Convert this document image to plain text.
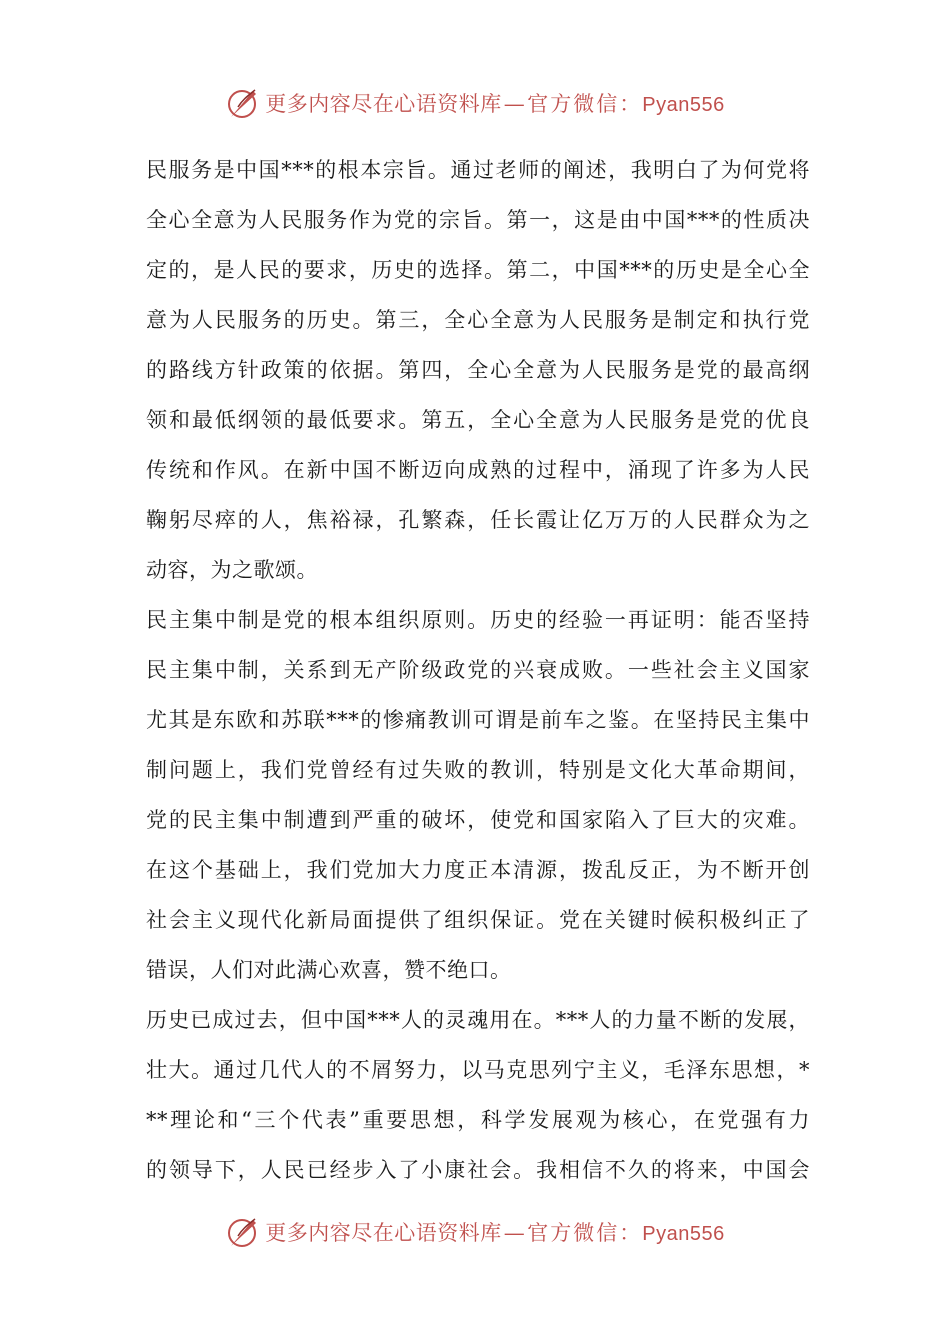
更多内容尽在心语资料库—官方微信：Pyan556
民服务是中国***的根本宗旨。通过老师的阐述，我明白了为何党将
全心全意为人民服务作为党的宗旨。第一，这是由中国***的性质决
定的，是人民的要求，历史的选择。第二，中国***的历史是全心全
意为人民服务的历史。第三，全心全意为人民服务是制定和执行党
的路线方针政策的依据。第四，全心全意为人民服务是党的最高纲
领和最低纲领的最低要求。第五，全心全意为人民服务是党的优良
传统和作风。在新中国不断迈向成熟的过程中，涌现了许多为人民
鞠躬尽瘁的人，焦裕禄，孔繁森，任长霞让亿万万的人民群众为之
动容，为之歌颂。
民主集中制是党的根本组织原则。历史的经验一再证明：能否坚持
民主集中制，关系到无产阶级政党的兴衰成败。一些社会主义国家
尤其是东欧和苏联***的惨痛教训可谓是前车之鉴。在坚持民主集中
制问题上，我们党曾经有过失败的教训，特别是文化大革命期间，
党的民主集中制遭到严重的破坏，使党和国家陷入了巨大的灾难。
在这个基础上，我们党加大力度正本清源，拨乱反正，为不断开创
社会主义现代化新局面提供了组织保证。党在关键时候积极纠正了
错误，人们对此满心欢喜，赞不绝口。
历史已成过去，但中国***人的灵魂用在。***人的力量不断的发展，
壮大。通过几代人的不屑努力，以马克思列宁主义，毛泽东思想，*
**理论和“三个代表”重要思想，科学发展观为核心，在党强有力
的领导下，人民已经步入了小康社会。我相信不久的将来，中国会
更多内容尽在心语资料库—官方微信：Pyan556
